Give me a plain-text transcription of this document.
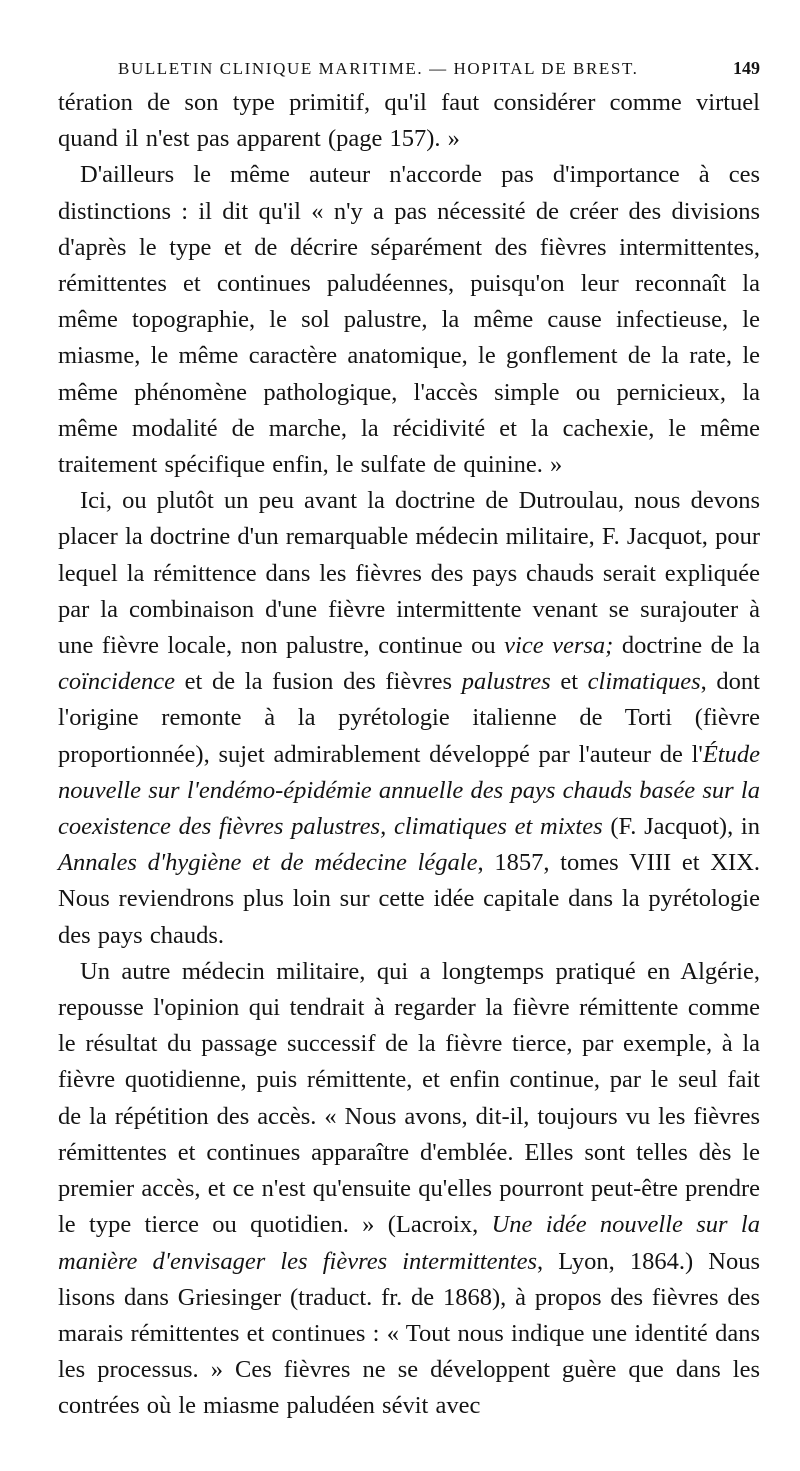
BULLETIN CLINIQUE MARITIME. — HOPITAL DE BREST.	149

tération de son type primitif, qu'il faut considérer comme virtuel quand il n'est pas apparent (page 157). »

D'ailleurs le même auteur n'accorde pas d'importance à ces distinctions : il dit qu'il « n'y a pas nécessité de créer des divisions d'après le type et de décrire séparément des fièvres intermittentes, rémittentes et continues paludéennes, puisqu'on leur reconnaît la même topographie, le sol palustre, la même cause infectieuse, le miasme, le même caractère anatomique, le gonflement de la rate, le même phénomène pathologique, l'accès simple ou pernicieux, la même modalité de marche, la récidivité et la cachexie, le même traitement spécifique enfin, le sulfate de quinine. »

Ici, ou plutôt un peu avant la doctrine de Dutroulau, nous devons placer la doctrine d'un remarquable médecin militaire, F. Jacquot, pour lequel la rémittence dans les fièvres des pays chauds serait expliquée par la combinaison d'une fièvre intermittente venant se surajouter à une fièvre locale, non palustre, continue ou vice versa; doctrine de la coïncidence et de la fusion des fièvres palustres et climatiques, dont l'origine remonte à la pyrétologie italienne de Torti (fièvre proportionnée), sujet admirablement développé par l'auteur de l'Étude nouvelle sur l'endémo-épidémie annuelle des pays chauds basée sur la coexistence des fièvres palustres, climatiques et mixtes (F. Jacquot), in Annales d'hygiène et de médecine légale, 1857, tomes VIII et XIX. Nous reviendrons plus loin sur cette idée capitale dans la pyrétologie des pays chauds.

Un autre médecin militaire, qui a longtemps pratiqué en Algérie, repousse l'opinion qui tendrait à regarder la fièvre rémittente comme le résultat du passage successif de la fièvre tierce, par exemple, à la fièvre quotidienne, puis rémittente, et enfin continue, par le seul fait de la répétition des accès. « Nous avons, dit-il, toujours vu les fièvres rémittentes et continues apparaître d'emblée. Elles sont telles dès le premier accès, et ce n'est qu'ensuite qu'elles pourront peut-être prendre le type tierce ou quotidien. » (Lacroix, Une idée nouvelle sur la manière d'envisager les fièvres intermittentes, Lyon, 1864.) Nous lisons dans Griesinger (traduct. fr. de 1868), à propos des fièvres des marais rémittentes et continues : « Tout nous indique une identité dans les processus. » Ces fièvres ne se développent guère que dans les contrées où le miasme paludéen sévit avec
